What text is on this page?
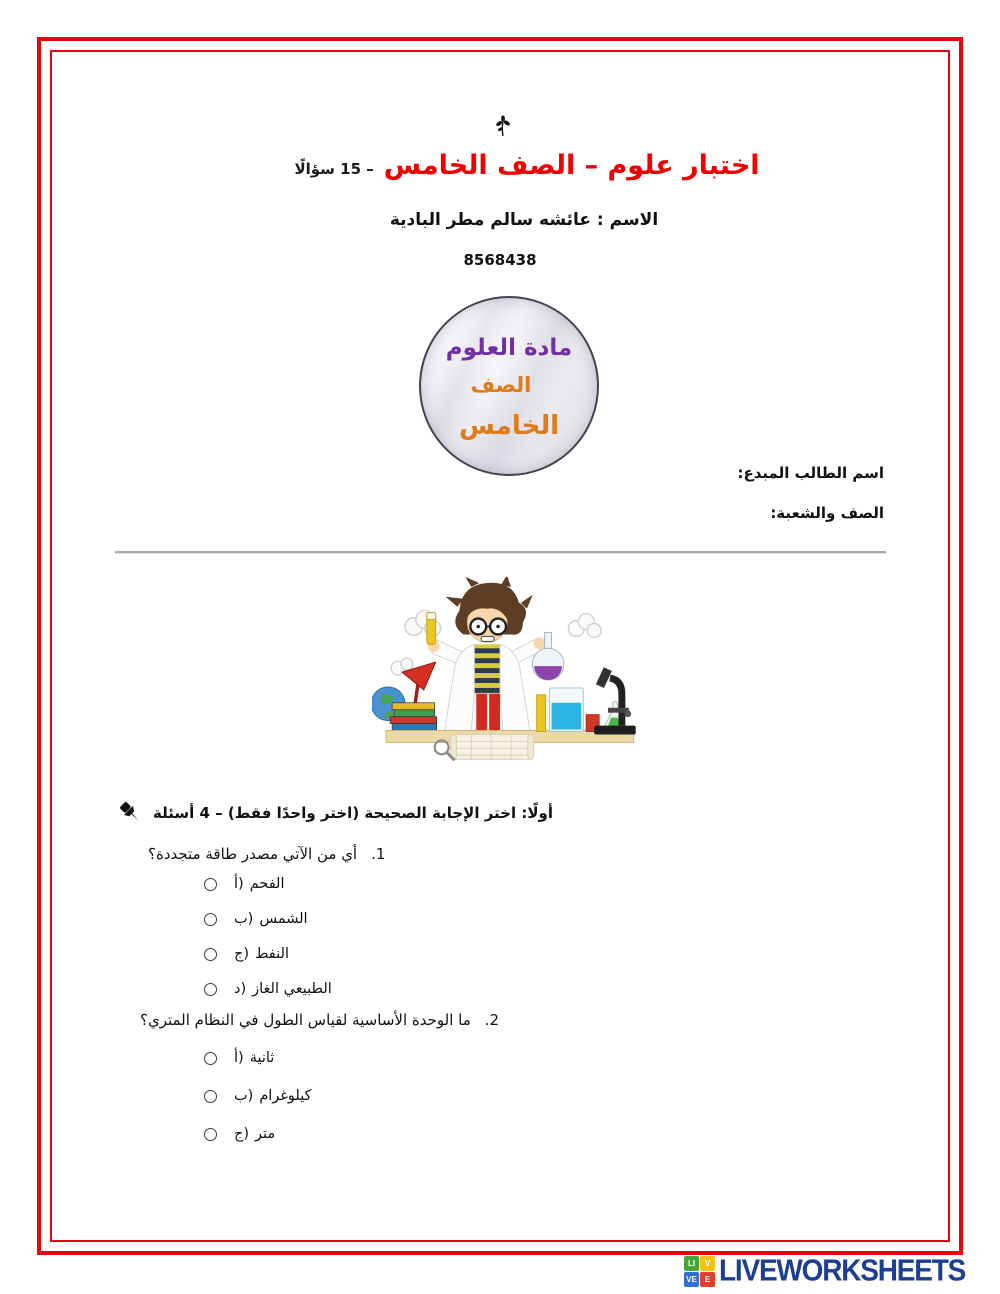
اختبار علوم – الصف الخامس
– 15 سؤالًا
الاسم : عائشه سالم مطر البادية
8568438
مادة العلوم
الصف
الخامس
اسم الطالب المبدع:
الصف والشعبة:
أولًا: اختر الإجابة الصحيحة (اختر واحدًا فقط) – 4 أسئلة
1.
أي من الآتي مصدر طاقة متجددة؟
أ) الفحم
ب) الشمس
ج) النفط
د) الغاز الطبيعي
2.
ما الوحدة الأساسية لقياس الطول في النظام المتري؟
أ) ثانية
ب) كيلوغرام
ج) متر
LI	V
VE	E LIVEWORKSHEETS
